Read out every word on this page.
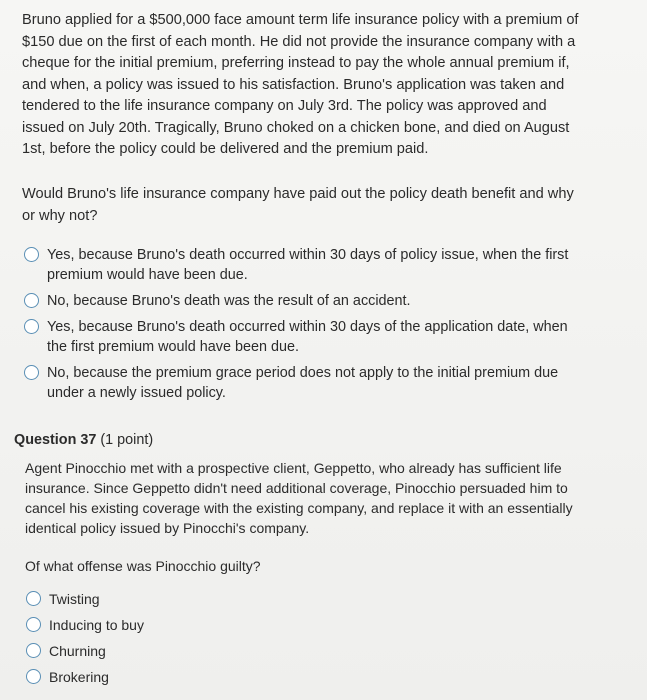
Bruno applied for a $500,000 face amount term life insurance policy with a premium of $150 due on the first of each month. He did not provide the insurance company with a cheque for the initial premium, preferring instead to pay the whole annual premium if, and when, a policy was issued to his satisfaction. Bruno's application was taken and tendered to the life insurance company on July 3rd. The policy was approved and issued on July 20th. Tragically, Bruno choked on a chicken bone, and died on August 1st, before the policy could be delivered and the premium paid.

Would Bruno's life insurance company have paid out the policy death benefit and why or why not?

Yes, because Bruno's death occurred within 30 days of policy issue, when the first premium would have been due.
No, because Bruno's death was the result of an accident.
Yes, because Bruno's death occurred within 30 days of the application date, when the first premium would have been due.
No, because the premium grace period does not apply to the initial premium due under a newly issued policy.
Question 37 (1 point)

Agent Pinocchio met with a prospective client, Geppetto, who already has sufficient life insurance. Since Geppetto didn't need additional coverage, Pinocchio persuaded him to cancel his existing coverage with the existing company, and replace it with an essentially identical policy issued by Pinocchi's company.

Of what offense was Pinocchio guilty?

Twisting
Inducing to buy
Churning
Brokering
